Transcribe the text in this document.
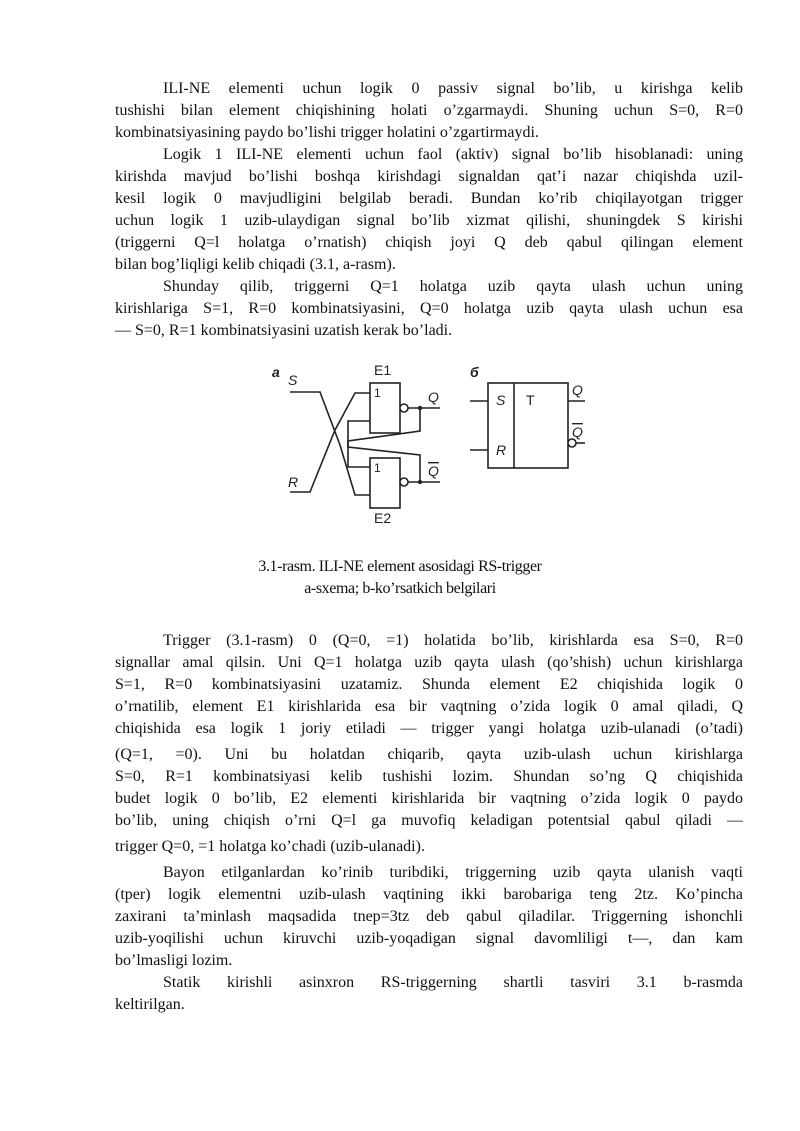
ILI-NE elementi uchun logik 0 passiv signal bo’lib, u kirishga kelib
tushishi bilan element chiqishining holati o’zgarmaydi. Shuning uchun S=0, R=0
kombinatsiyasining paydo bo’lishi trigger holatini o’zgartirmaydi.

Logik 1 ILI-NE elementi uchun faol (aktiv) signal bo’lib hisoblanadi: uning
kirishda mavjud bo’lishi boshqa kirishdagi signaldan qat’i nazar chiqishda uzil-
kesil logik 0 mavjudligini belgilab beradi. Bundan ko’rib chiqilayotgan trigger
uchun logik 1 uzib-ulaydigan signal bo’lib xizmat qilishi, shuningdek S kirishi
(triggerni Q=l holatga o’rnatish) chiqish joyi Q deb qabul qilingan element
bilan bog’liqligi kelib chiqadi (3.1, a-rasm).

Shunday qilib, triggerni Q=1 holatga uzib qayta ulash uchun uning
kirishlariga S=1, R=0 kombinatsiyasini, Q=0 holatga uzib qayta ulash uchun esa
— S=0, R=1 kombinatsiyasini uzatish kerak bo’ladi.

a	E1
E2
1
1
S
R
Q
Q
б
S
R
T
Q
Q
3.1-rasm. ILI-NE element asosidagi RS-trigger
a-sxema; b-ko’rsatkich belgilari

Trigger (3.1-rasm) 0 (Q=0, =1) holatida bo’lib, kirishlarda esa S=0, R=0
signallar amal qilsin. Uni Q=1 holatga uzib qayta ulash (qo’shish) uchun kirishlarga
S=1, R=0 kombinatsiyasini uzatamiz. Shunda element E2 chiqishida logik 0
o’rnatilib, element E1 kirishlarida esa bir vaqtning o’zida logik 0 amal qiladi, Q
chiqishida esa logik 1 joriy etiladi — trigger yangi holatga uzib-ulanadi (o’tadi)
(Q=1, =0). Uni bu holatdan chiqarib, qayta uzib-ulash uchun kirishlarga
S=0, R=1 kombinatsiyasi kelib tushishi lozim. Shundan so’ng Q chiqishida
budet logik 0 bo’lib, E2 elementi kirishlarida bir vaqtning o’zida logik 0 paydo
bo’lib, uning chiqish o’rni Q=l ga muvofiq keladigan potentsial qabul qiladi —
trigger Q=0, =1 holatga ko’chadi (uzib-ulanadi).

Bayon etilganlardan ko’rinib turibdiki, triggerning uzib qayta ulanish vaqti
(tper) logik elementni uzib-ulash vaqtining ikki barobariga teng 2tz. Ko’pincha
zaxirani ta’minlash maqsadida tnep=3tz deb qabul qiladilar. Triggerning ishonchli
uzib-yoqilishi uchun kiruvchi uzib-yoqadigan signal davomliligi t—, dan kam
bo’lmasligi lozim.

Statik kirishli asinxron RS-triggerning shartli tasviri 3.1 b-rasmda
keltirilgan.
